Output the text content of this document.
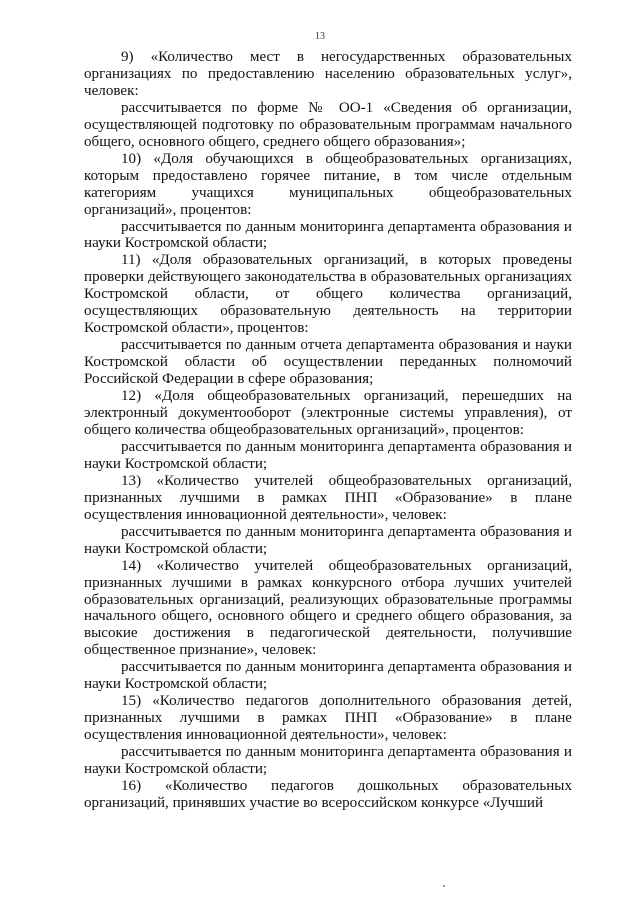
13

9) «Количество мест в негосударственных образовательных организациях по предоставлению населению образовательных услуг», человек:

рассчитывается по форме № ОО-1 «Сведения об организации, осуществляющей подготовку по образовательным программам начального общего, основного общего, среднего общего образования»;

10) «Доля обучающихся в общеобразовательных организациях, которым предоставлено горячее питание, в том числе отдельным категориям учащихся муниципальных общеобразовательных организаций», процентов:

рассчитывается по данным мониторинга департамента образования и науки Костромской области;

11) «Доля образовательных организаций, в которых проведены проверки действующего законодательства в образовательных организациях Костромской области, от общего количества организаций, осуществляющих образовательную деятельность на территории Костромской области», процентов:

рассчитывается по данным отчета департамента образования и науки Костромской области об осуществлении переданных полномочий Российской Федерации в сфере образования;

12) «Доля общеобразовательных организаций, перешедших на электронный документооборот (электронные системы управления), от общего количества общеобразовательных организаций», процентов:

рассчитывается по данным мониторинга департамента образования и науки Костромской области;

13) «Количество учителей общеобразовательных организаций, признанных лучшими в рамках ПНП «Образование» в плане осуществления инновационной деятельности», человек:

рассчитывается по данным мониторинга департамента образования и науки Костромской области;

14) «Количество учителей общеобразовательных организаций, признанных лучшими в рамках конкурсного отбора лучших учителей образовательных организаций, реализующих образовательные программы начального общего, основного общего и среднего общего образования, за высокие достижения в педагогической деятельности, получившие общественное признание», человек:

рассчитывается по данным мониторинга департамента образования и науки Костромской области;

15) «Количество педагогов дополнительного образования детей, признанных лучшими в рамках ПНП «Образование» в плане осуществления инновационной деятельности», человек:

рассчитывается по данным мониторинга департамента образования и науки Костромской области;

16) «Количество педагогов дошкольных образовательных организаций, принявших участие во всероссийском конкурсе «Лучший
